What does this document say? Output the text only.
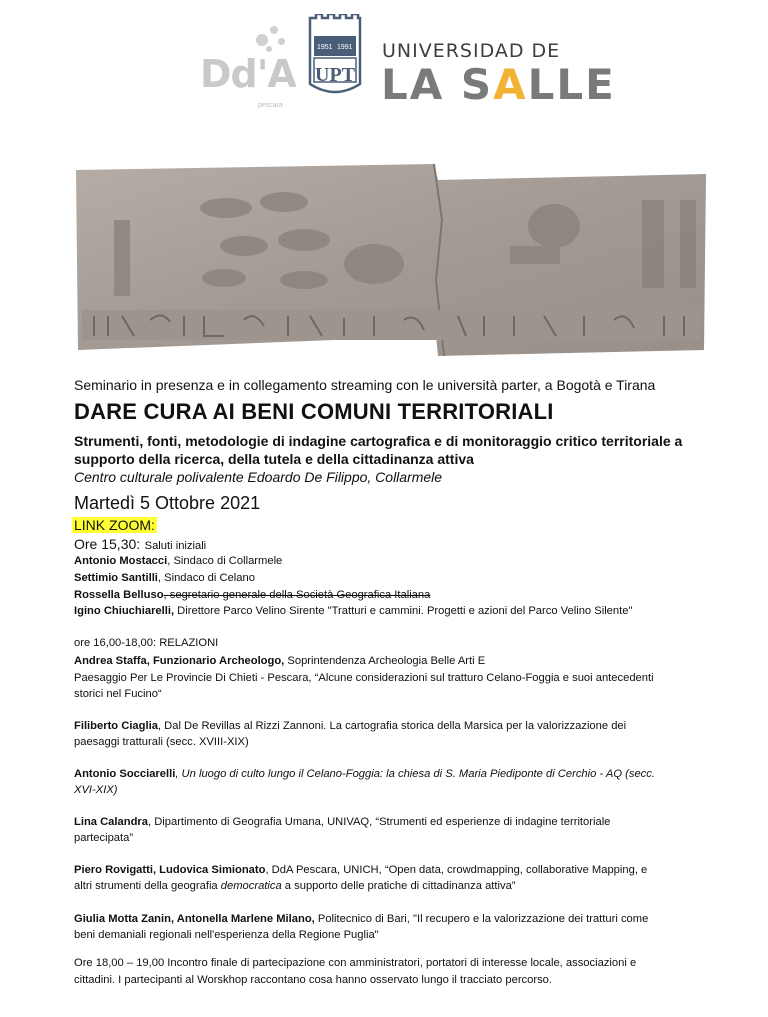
Dd'A
pescara
1951 1991
UPT
UNIVERSIDAD DE
LA SALLE
Seminario in presenza e in collegamento streaming con le università parter, a Bogotà e Tirana
DARE CURA AI BENI COMUNI TERRITORIALI
Strumenti, fonti, metodologie di indagine cartografica e di monitoraggio critico territoriale a
supporto della ricerca, della tutela e della cittadinanza attiva
Centro culturale polivalente Edoardo De Filippo, Collarmele
Martedì 5 Ottobre 2021
LINK ZOOM:
Ore 15,30: Saluti iniziali
Antonio Mostacci, Sindaco di Collarmele
Settimio Santilli, Sindaco di Celano
Rossella Belluso, segretario generale della Società Geografica Italiana
Igino Chiuchiarelli, Direttore Parco Velino Sirente "Tratturi e cammini. Progetti e azioni del Parco Velino Silente"
ore 16,00-18,00: RELAZIONI
Andrea Staffa, Funzionario Archeologo, Soprintendenza Archeologia Belle Arti E
Paesaggio Per Le Provincie Di Chieti - Pescara, “Alcune considerazioni sul tratturo Celano-Foggia e suoi antecedenti
storici nel Fucino“
Filiberto Ciaglia, Dal De Revillas al Rizzi Zannoni. La cartografia storica della Marsica per la valorizzazione dei
paesaggi tratturali (secc. XVIII-XIX)
Antonio Socciarelli, Un luogo di culto lungo il Celano-Foggia: la chiesa di S. Maria Piediponte di Cerchio - AQ (secc.
XVI-XIX)
Lina Calandra, Dipartimento di Geografia Umana, UNIVAQ, “Strumenti ed esperienze di indagine territoriale
partecipata”
Piero Rovigatti, Ludovica Simionato, DdA Pescara, UNICH, “Open data, crowdmapping, collaborative Mapping, e
altri strumenti della geografia democratica a supporto delle pratiche di cittadinanza attiva”
Giulia Motta Zanin, Antonella Marlene Milano, Politecnico di Bari, "Il recupero e la valorizzazione dei tratturi come
beni demaniali regionali nell'esperienza della Regione Puglia"
Ore 18,00 – 19,00 Incontro finale di partecipazione con amministratori, portatori di interesse locale, associazioni e
cittadini. I partecipanti al Worskhop raccontano cosa hanno osservato lungo il tracciato percorso.
